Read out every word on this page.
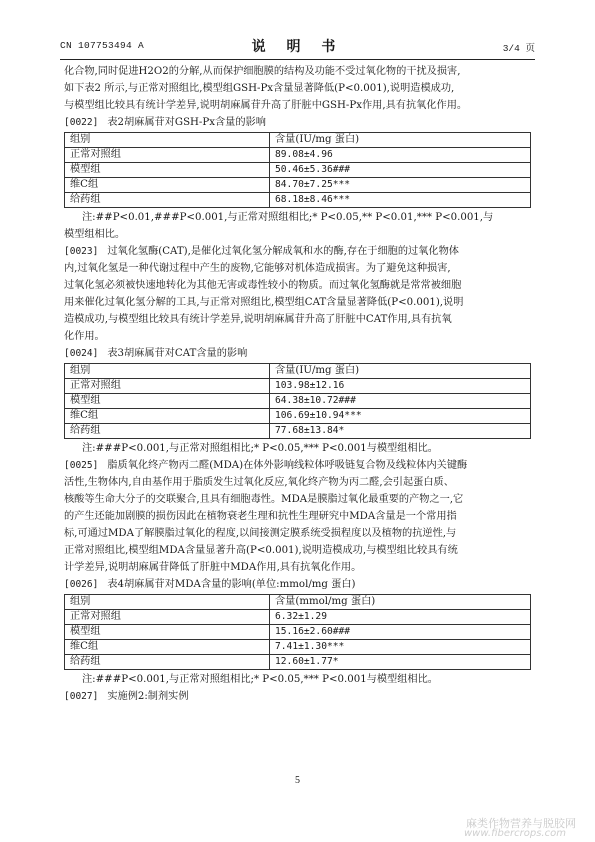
CN 107753494 A	说 明 书	3/4 页

化合物,同时促进H2O2的分解,从而保护细胞膜的结构及功能不受过氧化物的干扰及损害,
如下表2 所示,与正常对照组比,模型组GSH-Px含量显著降低(P<0.001),说明造模成功,
与模型组比较具有统计学差异,说明胡麻属苷升高了肝脏中GSH-Px作用,具有抗氧化作用。

[0022] 表2胡麻属苷对GSH-Px含量的影响

组别	含量(IU/mg 蛋白)
正常对照组	89.08±4.96
模型组	50.46±5.36###
维C组	84.70±7.25***
给药组	68.18±8.46***

注:##P<0.01,###P<0.001,与正常对照组相比;* P<0.05,** P<0.01,*** P<0.001,与
模型组相比。

[0023] 过氧化氢酶(CAT),是催化过氧化氢分解成氧和水的酶,存在于细胞的过氧化物体
内,过氧化氢是一种代谢过程中产生的废物,它能够对机体造成损害。为了避免这种损害,
过氧化氢必须被快速地转化为其他无害或毒性较小的物质。而过氧化氢酶就是常常被细胞
用来催化过氧化氢分解的工具,与正常对照组比,模型组CAT含量显著降低(P<0.001),说明
造模成功,与模型组比较具有统计学差异,说明胡麻属苷升高了肝脏中CAT作用,具有抗氧
化作用。

[0024] 表3胡麻属苷对CAT含量的影响

组别	含量(IU/mg 蛋白)
正常对照组	103.98±12.16
模型组	64.38±10.72###
维C组	106.69±10.94***
给药组	77.68±13.84*

注:###P<0.001,与正常对照组相比;* P<0.05,*** P<0.001与模型组相比。

[0025] 脂质氧化终产物丙二醛(MDA)在体外影响线粒体呼吸链复合物及线粒体内关键酶
活性,生物体内,自由基作用于脂质发生过氧化反应,氧化终产物为丙二醛,会引起蛋白质、
核酸等生命大分子的交联聚合,且具有细胞毒性。MDA是膜脂过氧化最重要的产物之一,它
的产生还能加剧膜的损伤因此在植物衰老生理和抗性生理研究中MDA含量是一个常用指
标,可通过MDA了解膜脂过氧化的程度,以间接测定膜系统受损程度以及植物的抗逆性,与
正常对照组比,模型组MDA含量显著升高(P<0.001),说明造模成功,与模型组比较具有统
计学差异,说明胡麻属苷降低了肝脏中MDA作用,具有抗氧化作用。

[0026] 表4胡麻属苷对MDA含量的影响(单位:mmol/mg 蛋白)

组别	含量(mmol/mg 蛋白)
正常对照组	6.32±1.29
模型组	15.16±2.60###
维C组	7.41±1.30***
给药组	12.60±1.77*

注:###P<0.001,与正常对照组相比;* P<0.05,*** P<0.001与模型组相比。

[0027] 实施例2:制剂实例

5
麻类作物营养与脱胶网
www.fibercrops.com
